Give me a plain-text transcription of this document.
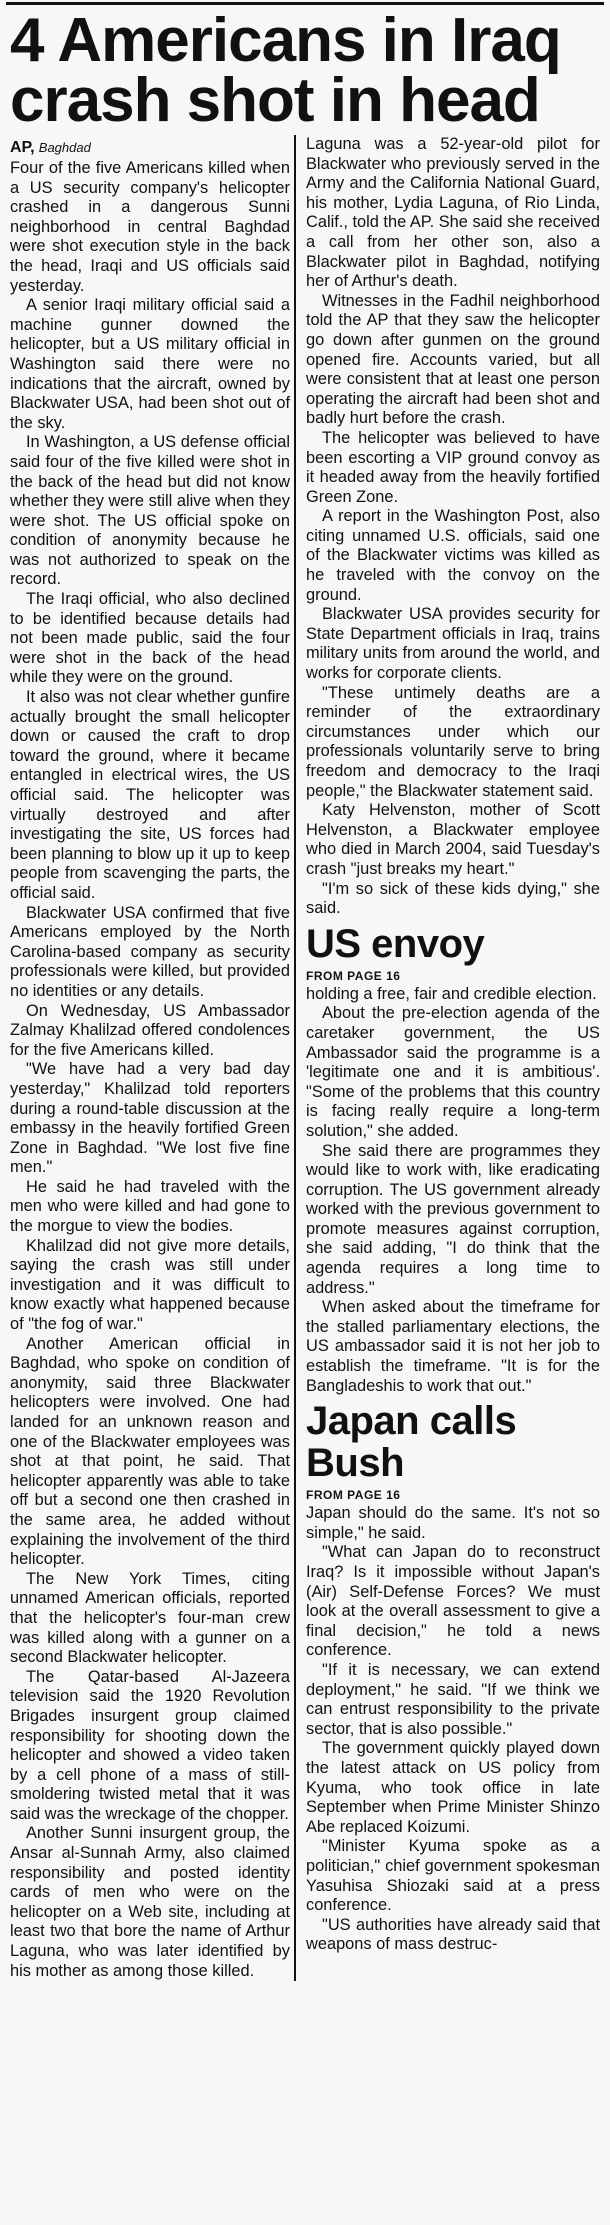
4 Americans in Iraq
crash shot in head
AP, Baghdad

Four of the five Americans killed when a US security company's helicopter crashed in a dangerous Sunni neighborhood in central Baghdad were shot execution style in the back the head, Iraqi and US officials said yesterday.

A senior Iraqi military official said a machine gunner downed the helicopter, but a US military official in Washington said there were no indications that the aircraft, owned by Blackwater USA, had been shot out of the sky.

In Washington, a US defense official said four of the five killed were shot in the back of the head but did not know whether they were still alive when they were shot. The US official spoke on condition of anonymity because he was not authorized to speak on the record.

The Iraqi official, who also declined to be identified because details had not been made public, said the four were shot in the back of the head while they were on the ground.

It also was not clear whether gunfire actually brought the small helicopter down or caused the craft to drop toward the ground, where it became entangled in electrical wires, the US official said. The helicopter was virtually destroyed and after investigating the site, US forces had been planning to blow up it up to keep people from scavenging the parts, the official said.

Blackwater USA confirmed that five Americans employed by the North Carolina-based company as security professionals were killed, but provided no identities or any details.

On Wednesday, US Ambassador Zalmay Khalilzad offered condolences for the five Americans killed.

"We have had a very bad day yesterday," Khalilzad told reporters during a round-table discussion at the embassy in the heavily fortified Green Zone in Baghdad. "We lost five fine men."

He said he had traveled with the men who were killed and had gone to the morgue to view the bodies.

Khalilzad did not give more details, saying the crash was still under investigation and it was difficult to know exactly what happened because of "the fog of war."

Another American official in Baghdad, who spoke on condition of anonymity, said three Blackwater helicopters were involved. One had landed for an unknown reason and one of the Blackwater employees was shot at that point, he said. That helicopter apparently was able to take off but a second one then crashed in the same area, he added without explaining the involvement of the third helicopter.

The New York Times, citing unnamed American officials, reported that the helicopter's four-man crew was killed along with a gunner on a second Blackwater helicopter.

The Qatar-based Al-Jazeera television said the 1920 Revolution Brigades insurgent group claimed responsibility for shooting down the helicopter and showed a video taken by a cell phone of a mass of still-smoldering twisted metal that it was said was the wreckage of the chopper.

Another Sunni insurgent group, the Ansar al-Sunnah Army, also claimed responsibility and posted identity cards of men who were on the helicopter on a Web site, including at least two that bore the name of Arthur Laguna, who was later identified by his mother as among those killed.

Laguna was a 52-year-old pilot for Blackwater who previously served in the Army and the California National Guard, his mother, Lydia Laguna, of Rio Linda, Calif., told the AP. She said she received a call from her other son, also a Blackwater pilot in Baghdad, notifying her of Arthur's death.

Witnesses in the Fadhil neighborhood told the AP that they saw the helicopter go down after gunmen on the ground opened fire. Accounts varied, but all were consistent that at least one person operating the aircraft had been shot and badly hurt before the crash.

The helicopter was believed to have been escorting a VIP ground convoy as it headed away from the heavily fortified Green Zone.

A report in the Washington Post, also citing unnamed U.S. officials, said one of the Blackwater victims was killed as he traveled with the convoy on the ground.

Blackwater USA provides security for State Department officials in Iraq, trains military units from around the world, and works for corporate clients.

"These untimely deaths are a reminder of the extraordinary circumstances under which our professionals voluntarily serve to bring freedom and democracy to the Iraqi people," the Blackwater statement said.

Katy Helvenston, mother of Scott Helvenston, a Blackwater employee who died in March 2004, said Tuesday's crash "just breaks my heart."

"I'm so sick of these kids dying," she said.

US envoy
FROM PAGE 16

holding a free, fair and credible election.

About the pre-election agenda of the caretaker government, the US Ambassador said the programme is a 'legitimate one and it is ambitious'. "Some of the problems that this country is facing really require a long-term solution," she added.

She said there are programmes they would like to work with, like eradicating corruption. The US government already worked with the previous government to promote measures against corruption, she said adding, "I do think that the agenda requires a long time to address."

When asked about the timeframe for the stalled parliamentary elections, the US ambassador said it is not her job to establish the timeframe. "It is for the Bangladeshis to work that out."

Japan calls
Bush
FROM PAGE 16

Japan should do the same. It's not so simple," he said.

"What can Japan do to reconstruct Iraq? Is it impossible without Japan's (Air) Self-Defense Forces? We must look at the overall assessment to give a final decision," he told a news conference.

"If it is necessary, we can extend deployment," he said. "If we think we can entrust responsibility to the private sector, that is also possible."

The government quickly played down the latest attack on US policy from Kyuma, who took office in late September when Prime Minister Shinzo Abe replaced Koizumi.

"Minister Kyuma spoke as a politician," chief government spokesman Yasuhisa Shiozaki said at a press conference.

"US authorities have already said that weapons of mass destruc-
